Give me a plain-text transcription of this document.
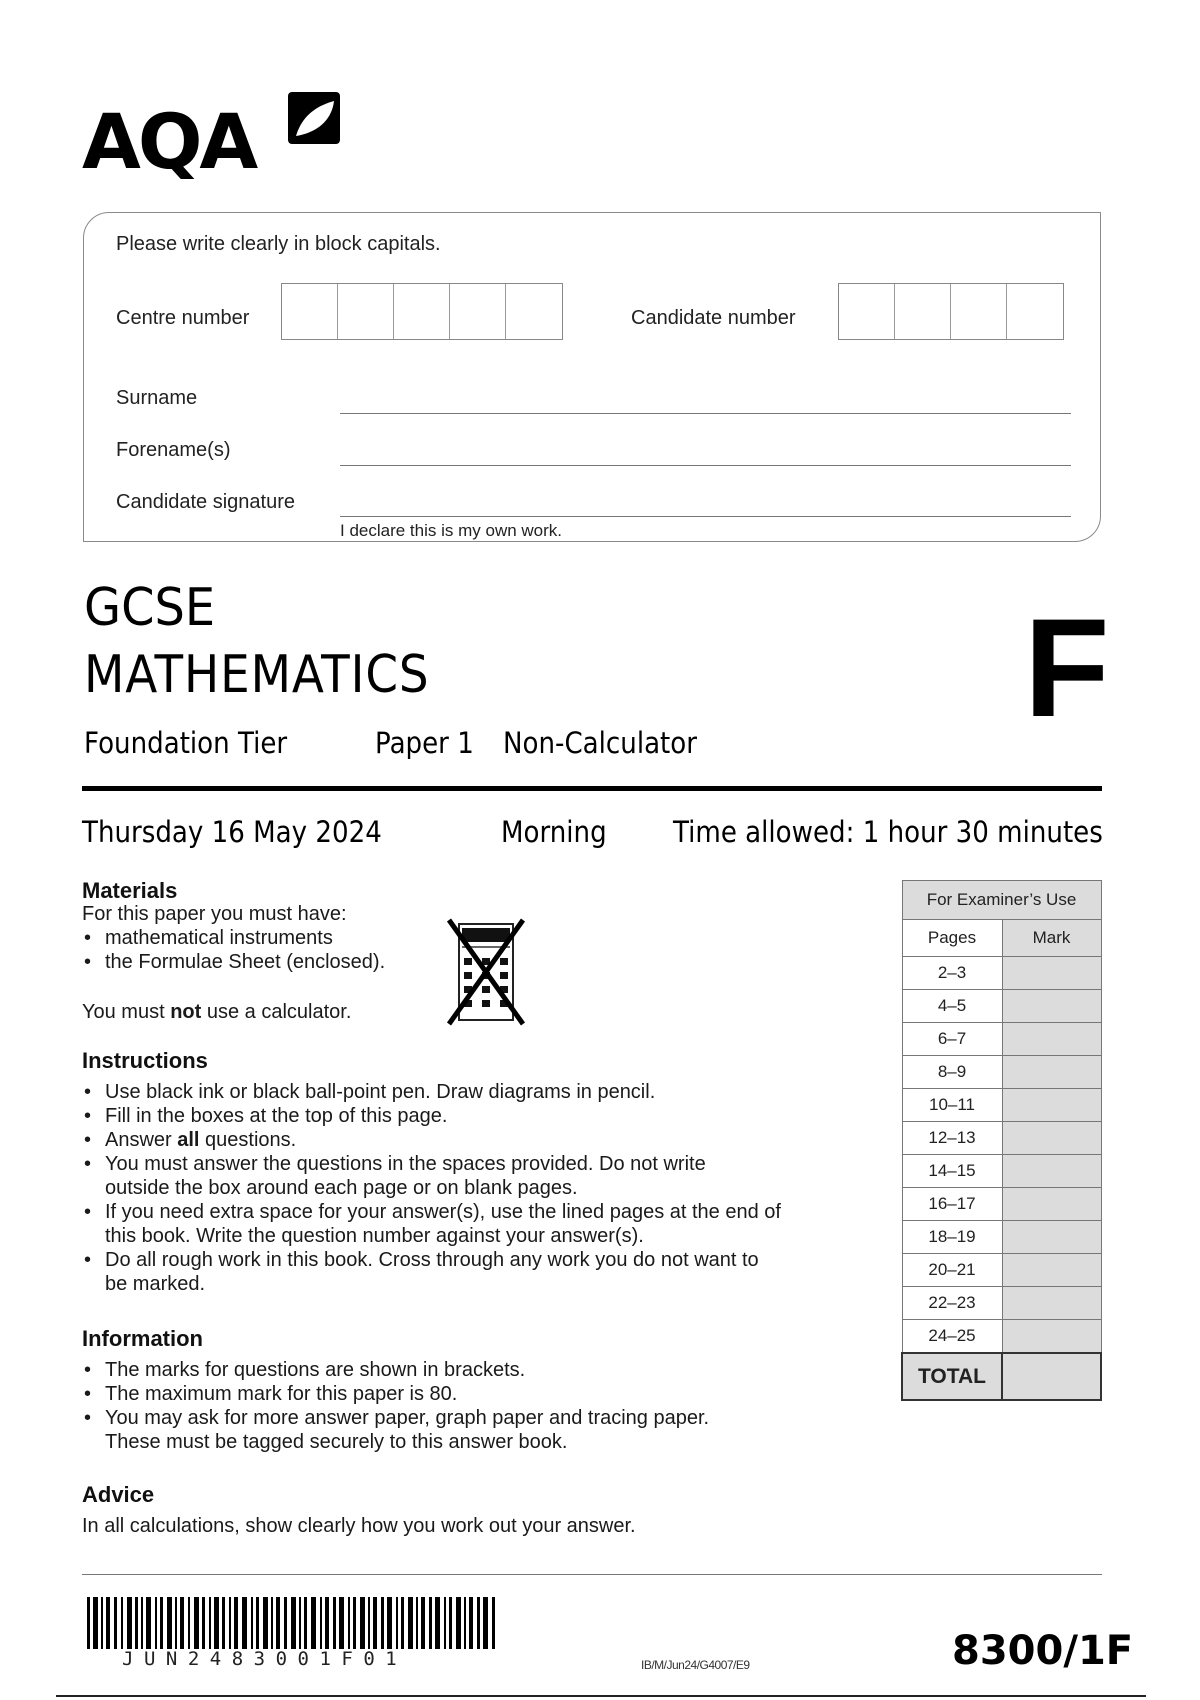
AQA
Please write clearly in block capitals.
Centre number	Candidate number
Surname
Forename(s)
Candidate signature
I declare this is my own work.
GCSE
MATHEMATICS	F
Foundation Tier	Paper 1 Non-Calculator
Thursday 16 May 2024	Morning Time allowed: 1 hour 30 minutes
Materials
For this paper you must have:
• mathematical instruments
• the Formulae Sheet (enclosed).
You must not use a calculator.
Instructions
• Use black ink or black ball-point pen. Draw diagrams in pencil.
• Fill in the boxes at the top of this page.
• Answer all questions.
• You must answer the questions in the spaces provided. Do not write
outside the box around each page or on blank pages.
• If you need extra space for your answer(s), use the lined pages at the end of
this book. Write the question number against your answer(s).
• Do all rough work in this book. Cross through any work you do not want to
be marked.
Information
• The marks for questions are shown in brackets.
• The maximum mark for this paper is 80.
• You may ask for more answer paper, graph paper and tracing paper.
These must be tagged securely to this answer book.
Advice
In all calculations, show clearly how you work out your answer.
For Examiner’s Use	
Pages	Mark
2–3	
4–5	
6–7	
8–9	
10–11	
12–13	
14–15	
16–17	
18–19	
20–21	
22–23	
24–25	
TOTAL	
JUN2483001F01	IB/M/Jun24/G4007/E9	8300/1F
